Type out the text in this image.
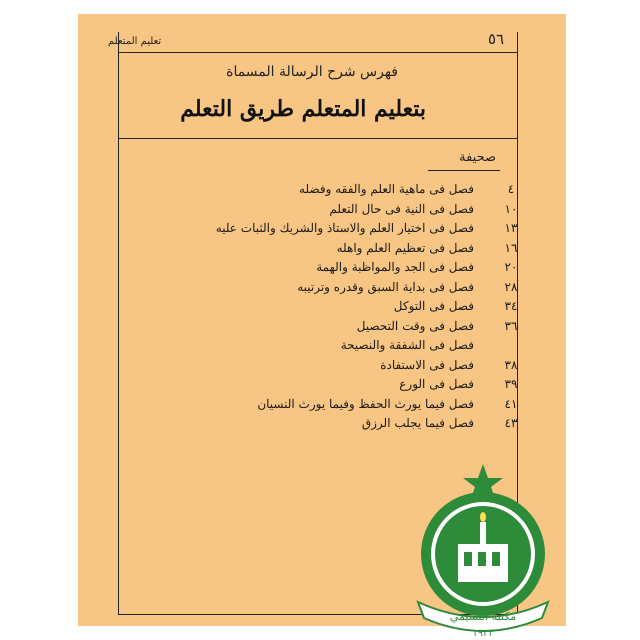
٥٦
تعليم المتعلم
فهرس شرح الرسالة المسماة
بتعليم المتعلم طريق التعلم
صحيفة
٤
فصل فى ماهية العلم والفقه وفضله
١٠
فصل فى النية فى حال التعلم
١٣
فصل فى اختيار العلم والاستاذ والشريك والثبات عليه
١٦
فصل فى تعظيم العلم واهله
٢٠
فصل فى الجد والمواظبة والهمة
٢٨
فصل فى بداية السبق وقدره وترتيبه
٣٤
فصل فى التوكل
٣٦
فصل فى وقت التحصيل
فصل فى الشفقة والنصيحة
٣٨
فصل فى الاستفادة
٣٩
فصل فى الورع
٤١
فصل فيما يورث الحفظ وفيما يورث النسيان
٤٣
فصل فيما يجلب الرزق
مكتبة النسيمي
١٩٢٣
